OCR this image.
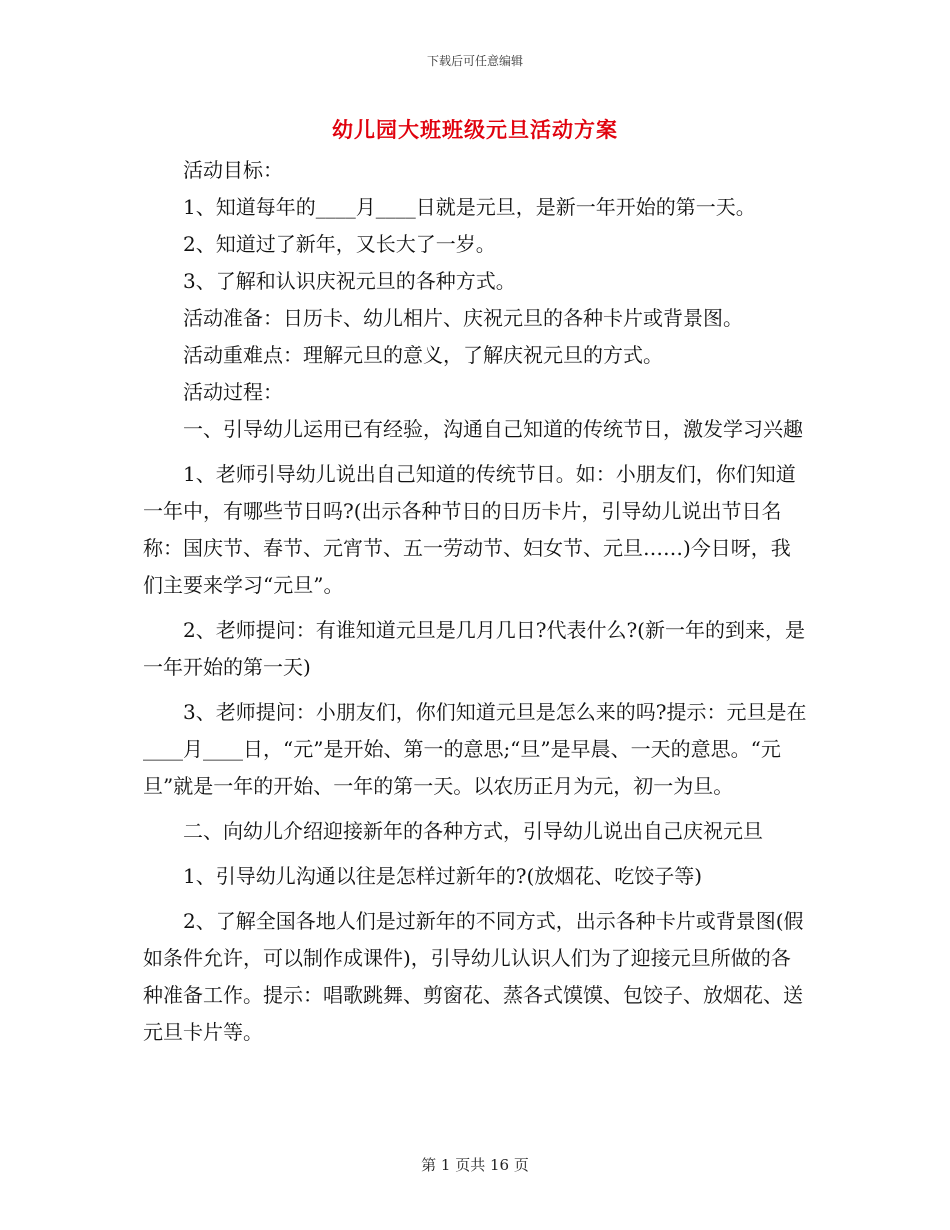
下载后可任意编辑
幼儿园大班班级元旦活动方案

活动目标：

1、知道每年的____月____日就是元旦，是新一年开始的第一天。

2、知道过了新年，又长大了一岁。

3、了解和认识庆祝元旦的各种方式。

活动准备：日历卡、幼儿相片、庆祝元旦的各种卡片或背景图。

活动重难点：理解元旦的意义，了解庆祝元旦的方式。

活动过程：

一、引导幼儿运用已有经验，沟通自己知道的传统节日，激发学习兴趣

1、老师引导幼儿说出自己知道的传统节日。如：小朋友们，你们知道一年中，有哪些节日吗?(出示各种节日的日历卡片，引导幼儿说出节日名称：国庆节、春节、元宵节、五一劳动节、妇女节、元旦……)今日呀，我们主要来学习“元旦”。

2、老师提问：有谁知道元旦是几月几日?代表什么?(新一年的到来，是一年开始的第一天)

3、老师提问：小朋友们，你们知道元旦是怎么来的吗?提示：元旦是在____月____日，“元”是开始、第一的意思;“旦”是早晨、一天的意思。“元旦”就是一年的开始、一年的第一天。以农历正月为元，初一为旦。

二、向幼儿介绍迎接新年的各种方式，引导幼儿说出自己庆祝元旦

1、引导幼儿沟通以往是怎样过新年的?(放烟花、吃饺子等)

2、了解全国各地人们是过新年的不同方式，出示各种卡片或背景图(假如条件允许，可以制作成课件)，引导幼儿认识人们为了迎接元旦所做的各种准备工作。提示：唱歌跳舞、剪窗花、蒸各式馍馍、包饺子、放烟花、送元旦卡片等。

第 1 页共 16 页
